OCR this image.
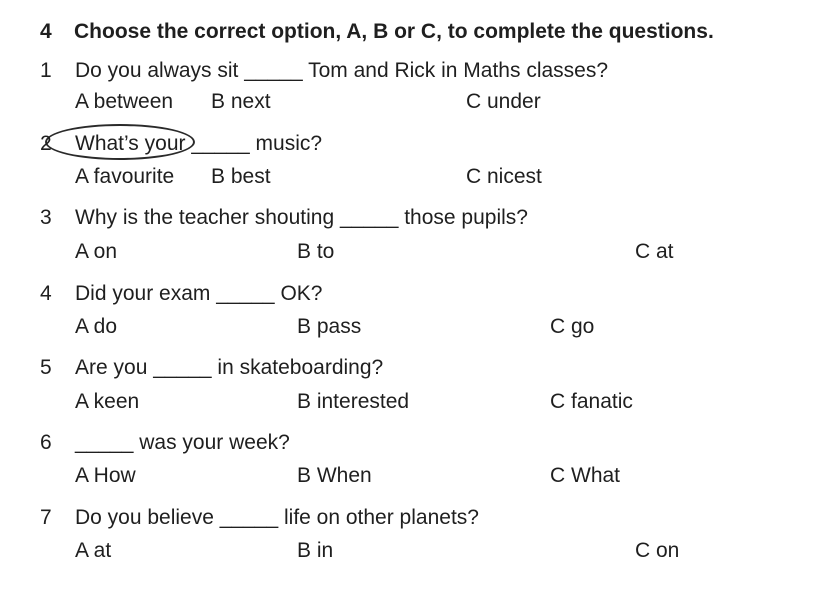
4 Choose the correct option, A, B or C, to complete the questions.
1 Do you always sit _____ Tom and Rick in Maths classes?
A between B next	C under
2 What’s your _____ music?
A favourite B best	C nicest
3 Why is the teacher shouting _____ those pupils?
A on	B to	C at
4 Did your exam _____ OK?
A do	B pass	C go
5 Are you _____ in skateboarding?
A keen	B interested	C fanatic
6 _____ was your week?
A How	B When	C What
7 Do you believe _____ life on other planets?
A at	B in	C on
